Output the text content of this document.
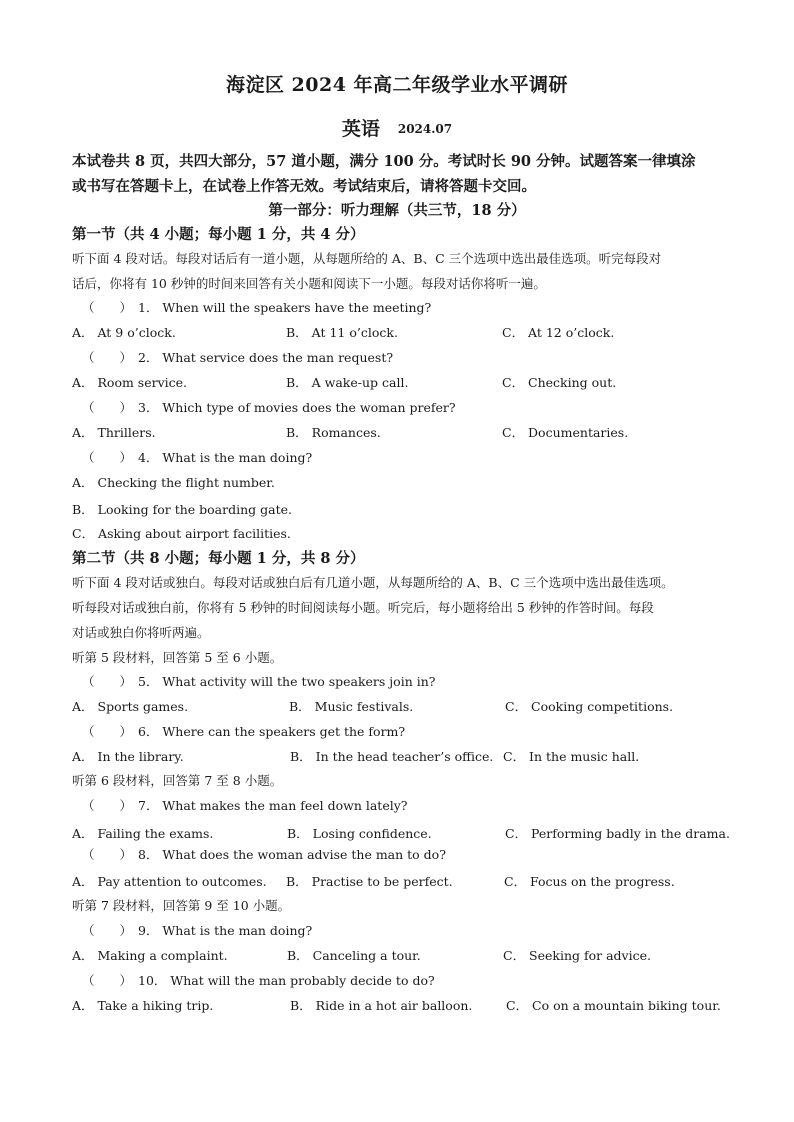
海淀区 2024 年高二年级学业水平调研
英语 2024.07
本试卷共 8 页，共四大部分，57 道小题，满分 100 分。考试时长 90 分钟。试题答案一律填涂
或书写在答题卡上，在试卷上作答无效。考试结束后，请将答题卡交回。
第一部分：听力理解（共三节，18 分）
第一节（共 4 小题；每小题 1 分，共 4 分）
听下面 4 段对话。每段对话后有一道小题，从每题所给的 A、B、C 三个选项中选出最佳选项。听完每段对
话后，你将有 10 秒钟的时间来回答有关小题和阅读下一小题。每段对话你将听一遍。
（　　） 1． When will the speakers have the meeting?
A． At 9 o’clock.	B． At 11 o’clock.	C． At 12 o’clock.
（　　） 2． What service does the man request?
A． Room service.	B． A wake-up call.	C． Checking out.
（　　） 3． Which type of movies does the woman prefer?
A． Thrillers.	B． Romances.	C． Documentaries.
（　　） 4． What is the man doing?
A． Checking the flight number.
B． Looking for the boarding gate.
C． Asking about airport facilities.
第二节（共 8 小题；每小题 1 分，共 8 分）
听下面 4 段对话或独白。每段对话或独白后有几道小题，从每题所给的 A、B、C 三个选项中选出最佳选项。
听每段对话或独白前，你将有 5 秒钟的时间阅读每小题。听完后，每小题将给出 5 秒钟的作答时间。每段
对话或独白你将听两遍。
听第 5 段材料，回答第 5 至 6 小题。
（　　） 5． What activity will the two speakers join in?
A． Sports games.	B． Music festivals.	C． Cooking competitions.
（　　） 6． Where can the speakers get the form?
A． In the library.	B． In the head teacher’s office. C． In the music hall.
听第 6 段材料，回答第 7 至 8 小题。
（　　） 7． What makes the man feel down lately?
A． Failing the exams.	B． Losing confidence.	C． Performing badly in the drama.
（　　） 8． What does the woman advise the man to do?
A． Pay attention to outcomes. B． Practise to be perfect.	C． Focus on the progress.
听第 7 段材料，回答第 9 至 10 小题。
（　　） 9． What is the man doing?
A． Making a complaint.	B． Canceling a tour.	C． Seeking for advice.
（　　） 10． What will the man probably decide to do?
A． Take a hiking trip.	B． Ride in a hot air balloon.	C． Co on a mountain biking tour.
